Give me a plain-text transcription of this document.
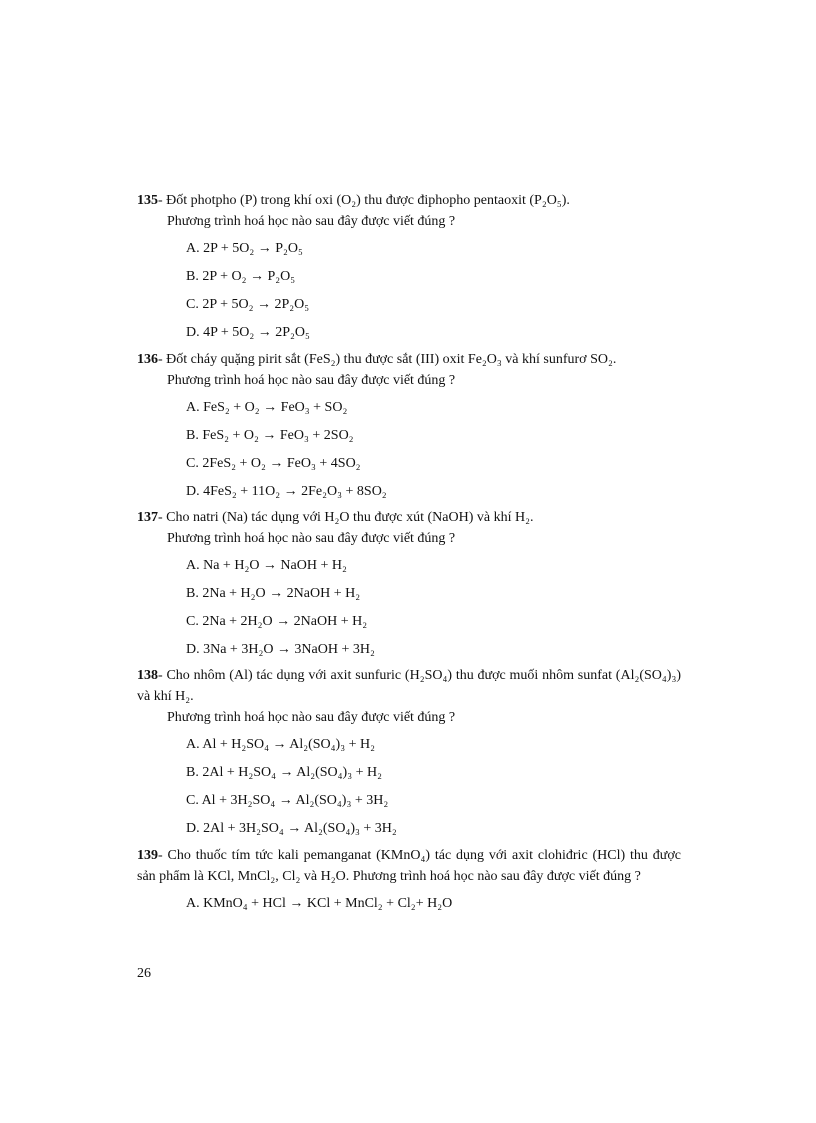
135- Đốt photpho (P) trong khí oxi (O₂) thu được điphopho pentaoxit (P₂O₅).

Phương trình hoá học nào sau đây được viết đúng ?

A. 2P + 5O₂ → P₂O₅
B. 2P + O₂ → P₂O₅
C. 2P + 5O₂ → 2P₂O₅
D. 4P + 5O₂ → 2P₂O₅

136- Đốt cháy quặng pirit sắt (FeS₂) thu được sắt (III) oxit Fe₂O₃ và khí sunfurơ SO₂.

Phương trình hoá học nào sau đây được viết đúng ?

A. FeS₂ + O₂ → FeO₃ + SO₂
B. FeS₂ + O₂ → FeO₃ + 2SO₂
C. 2FeS₂ + O₂ → FeO₃ + 4SO₂
D. 4FeS₂ + 11O₂ → 2Fe₂O₃ + 8SO₂

137- Cho natri (Na) tác dụng với H₂O thu được xút (NaOH) và khí H₂.

Phương trình hoá học nào sau đây được viết đúng ?

A. Na + H₂O → NaOH + H₂
B. 2Na + H₂O → 2NaOH + H₂
C. 2Na + 2H₂O → 2NaOH + H₂
D. 3Na + 3H₂O → 3NaOH + 3H₂

138- Cho nhôm (Al) tác dụng với axit sunfuric (H₂SO₄) thu được muối nhôm sunfat (Al₂(SO₄)₃) và khí H₂.

Phương trình hoá học nào sau đây được viết đúng ?

A. Al + H₂SO₄ → Al₂(SO₄)₃ + H₂
B. 2Al + H₂SO₄ → Al₂(SO₄)₃ + H₂
C. Al + 3H₂SO₄ → Al₂(SO₄)₃ + 3H₂
D. 2Al + 3H₂SO₄ → Al₂(SO₄)₃ + 3H₂

139- Cho thuốc tím tức kali pemanganat (KMnO₄) tác dụng với axit clohiđric (HCl) thu được sản phẩm là KCl, MnCl₂, Cl₂ và H₂O. Phương trình hoá học nào sau đây được viết đúng ?

A. KMnO₄ + HCl → KCl + MnCl₂ + Cl₂+ H₂O
26
